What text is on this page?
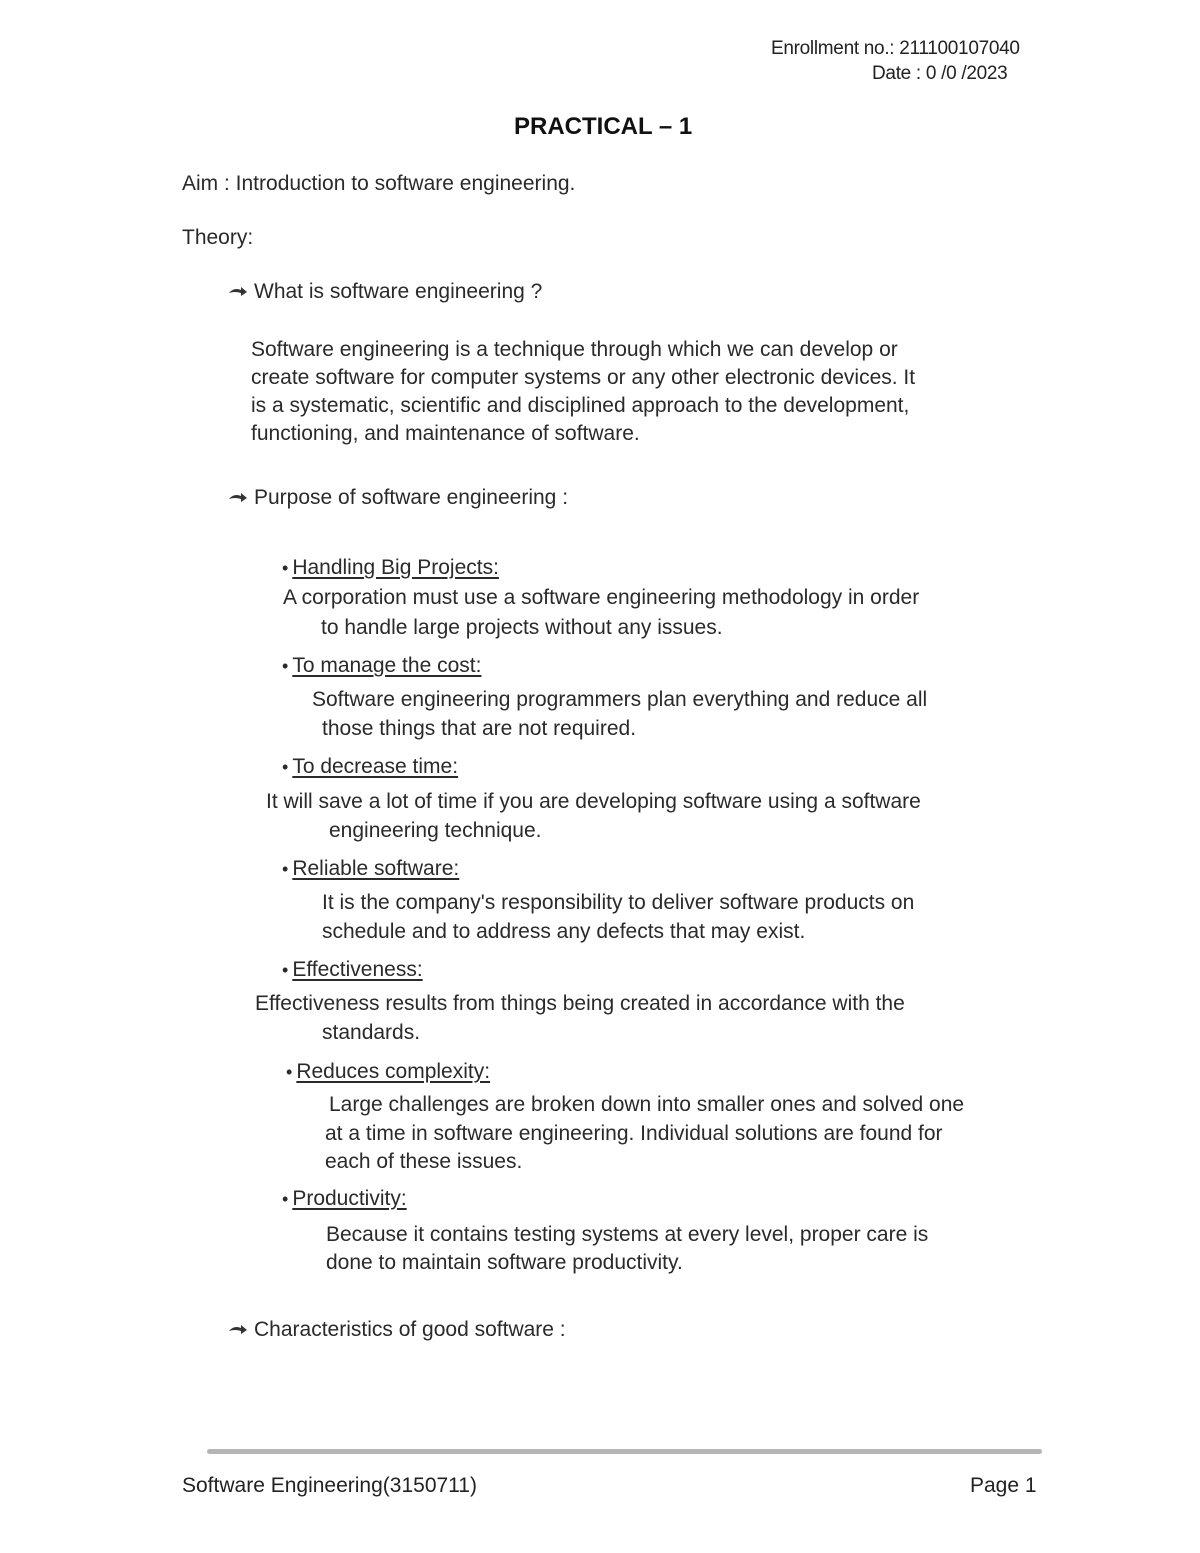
Enrollment no.: 211100107040
Date : 0 /0 /2023
PRACTICAL – 1
Aim : Introduction to software engineering.
Theory:
What is software engineering ?
Software engineering is a technique through which we can develop or
create software for computer systems or any other electronic devices. It
is a systematic, scientific and disciplined approach to the development,
functioning, and maintenance of software.
Purpose of software engineering :
• Handling Big Projects:
A corporation must use a software engineering methodology in order
to handle large projects without any issues.
• To manage the cost:
Software engineering programmers plan everything and reduce all
those things that are not required.
• To decrease time:
It will save a lot of time if you are developing software using a software
engineering technique.
• Reliable software:
It is the company's responsibility to deliver software products on
schedule and to address any defects that may exist.
• Effectiveness:
Effectiveness results from things being created in accordance with the
standards.
• Reduces complexity:
Large challenges are broken down into smaller ones and solved one
at a time in software engineering. Individual solutions are found for
each of these issues.
• Productivity:
Because it contains testing systems at every level, proper care is
done to maintain software productivity.
Characteristics of good software :
Software Engineering(3150711)	Page 1
